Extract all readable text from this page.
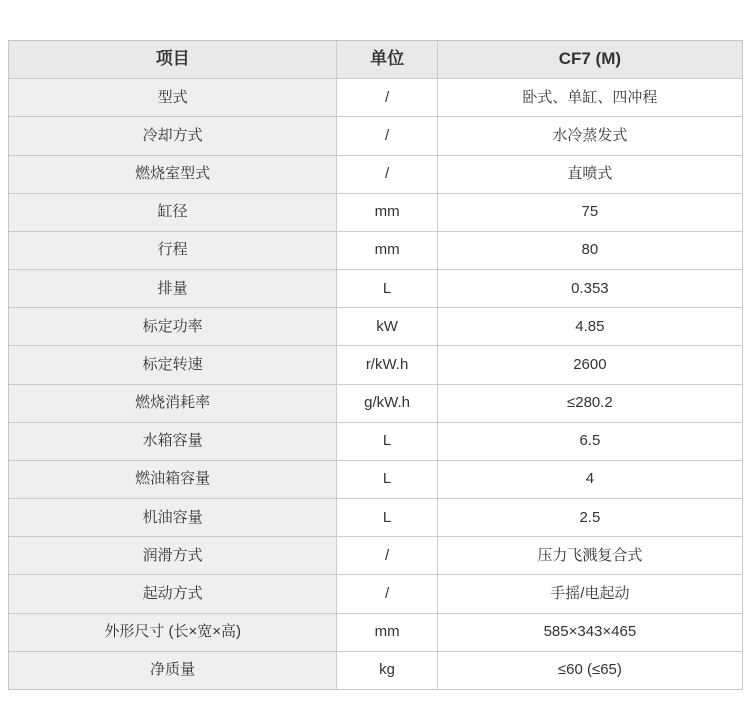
项目	单位	CF7 (M)
型式	/	卧式、单缸、四冲程
冷却方式	/	水冷蒸发式
燃烧室型式	/	直喷式
缸径	mm	75
行程	mm	80
排量	L	0.353
标定功率	kW	4.85
标定转速	r/kW.h	2600
燃烧消耗率	g/kW.h	≤280.2
水箱容量	L	6.5
燃油箱容量	L	4
机油容量	L	2.5
润滑方式	/	压力飞溅复合式
起动方式	/	手摇/电起动
外形尺寸 (长×宽×高)	mm	585×343×465
净质量	kg	≤60 (≤65)
